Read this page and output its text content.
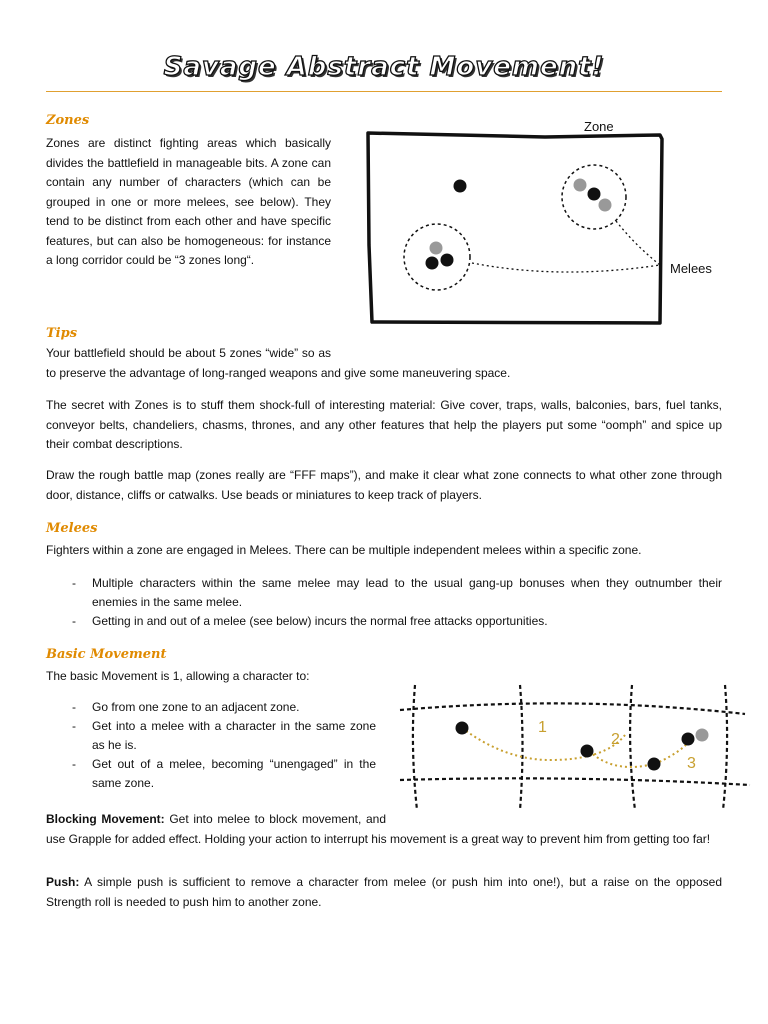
Savage Abstract Movement!
Zones

Zones are distinct fighting areas which basically divides the battlefield in manageable bits. A zone can contain any number of characters (which can be grouped in one or more melees, see below). They tend to be distinct from each other and have specific features, but can also be homogeneous: for instance a long corridor could be “3 zones long“.

Zone
Melees
Tips

Your battlefield should be about 5 zones “wide” so as to preserve the advantage of long-ranged weapons and give some maneuvering space.

The secret with Zones is to stuff them shock-full of interesting material: Give cover, traps, walls, balconies, bars, fuel tanks, conveyor belts, chandeliers, chasms, thrones, and any other features that help the players put some “oomph” and spice up their combat descriptions.

Draw the rough battle map (zones really are “FFF maps”), and make it clear what zone connects to what other zone through door, distance, cliffs or catwalks. Use beads or miniatures to keep track of players.

Melees

Fighters within a zone are engaged in Melees. There can be multiple independent melees within a specific zone.

- Multiple characters within the same melee may lead to the usual gang-up bonuses when they outnumber their enemies in the same melee.
- Getting in and out of a melee (see below) incurs the normal free attacks opportunities.
Basic Movement

The basic Movement is 1, allowing a character to:

- Go from one zone to an adjacent zone.
- Get into a melee with a character in the same zone as he is.
- Get out of a melee, becoming “unengaged” in the same zone.
1
2
3

Blocking Movement: Get into melee to block movement, and use Grapple for added effect. Holding your action to interrupt his movement is a great way to prevent him from getting too far!

Push: A simple push is sufficient to remove a character from melee (or push him into one!), but a raise on the opposed Strength roll is needed to push him to another zone.
